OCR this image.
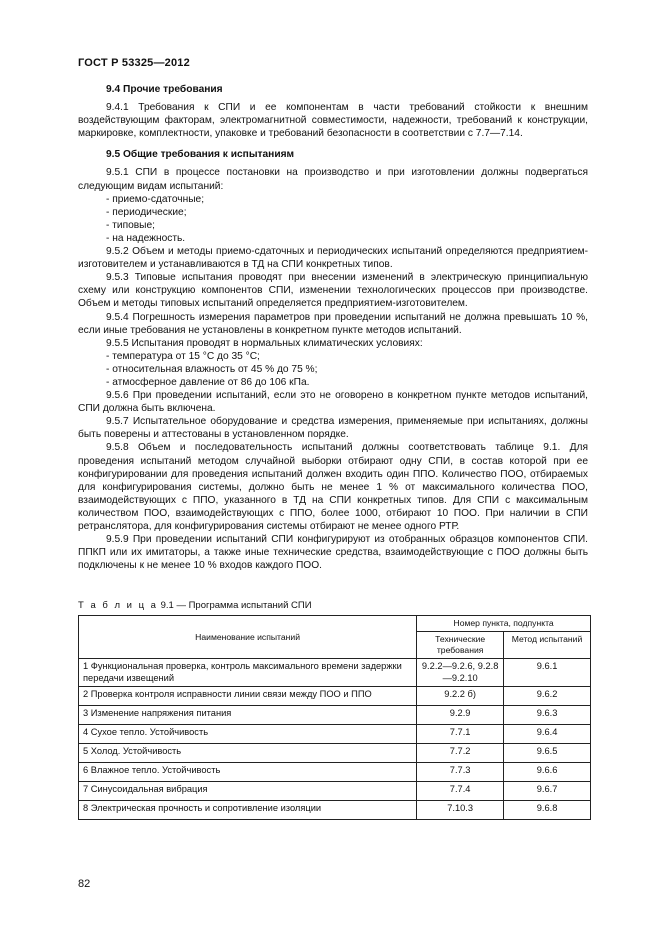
ГОСТ Р 53325—2012
9.4 Прочие требования

9.4.1 Требования к СПИ и ее компонентам в части требований стойкости к внешним воздействующим факторам, электромагнитной совместимости, надежности, требований к конструкции, маркировке, комплектности, упаковке и требований безопасности в соответствии с 7.7—7.14.

9.5 Общие требования к испытаниям

9.5.1 СПИ в процессе постановки на производство и при изготовлении должны подвергаться следующим видам испытаний:

- приемо-сдаточные;

- периодические;

- типовые;

- на надежность.

9.5.2 Объем и методы приемо-сдаточных и периодических испытаний определяются предприятием-изготовителем и устанавливаются в ТД на СПИ конкретных типов.

9.5.3 Типовые испытания проводят при внесении изменений в электрическую принципиальную схему или конструкцию компонентов СПИ, изменении технологических процессов при производстве. Объем и методы типовых испытаний определяется предприятием-изготовителем.

9.5.4 Погрешность измерения параметров при проведении испытаний не должна превышать 10 %, если иные требования не установлены в конкретном пункте методов испытаний.

9.5.5 Испытания проводят в нормальных климатических условиях:

- температура от 15 °С до 35 °С;

- относительная влажность от 45 % до 75 %;

- атмосферное давление от 86 до 106 кПа.

9.5.6 При проведении испытаний, если это не оговорено в конкретном пункте методов испытаний, СПИ должна быть включена.

9.5.7 Испытательное оборудование и средства измерения, применяемые при испытаниях, должны быть поверены и аттестованы в установленном порядке.

9.5.8 Объем и последовательность испытаний должны соответствовать таблице 9.1. Для проведения испытаний методом случайной выборки отбирают одну СПИ, в состав которой при ее конфигурировании для проведения испытаний должен входить один ППО. Количество ПОО, отбираемых для конфигурирования системы, должно быть не менее 1 % от максимального количества ПОО, взаимодействующих с ППО, указанного в ТД на СПИ конкретных типов. Для СПИ с максимальным количеством ПОО, взаимодействующих с ППО, более 1000, отбирают 10 ПОО. При наличии в СПИ ретранслятора, для конфигурирования системы отбирают не менее одного РТР.

9.5.9 При проведении испытаний СПИ конфигурируют из отобранных образцов компонентов СПИ. ППКП или их имитаторы, а также иные технические средства, взаимодействующие с ПОО должны быть подключены к не менее 10 % входов каждого ПОО.

Т а б л и ц а 9.1 — Программа испытаний СПИ
Наименование испытаний	Номер пункта, подпункта	
	Технические требования	Метод испытаний
1 Функциональная проверка, контроль максимального времени задержки передачи извещений	9.2.2—9.2.6, 9.2.8—9.2.10	9.6.1
2 Проверка контроля исправности линии связи между ПОО и ППО	9.2.2 б)	9.6.2
3 Изменение напряжения питания	9.2.9	9.6.3
4 Сухое тепло. Устойчивость	7.7.1	9.6.4
5 Холод. Устойчивость	7.7.2	9.6.5
6 Влажное тепло. Устойчивость	7.7.3	9.6.6
7 Синусоидальная вибрация	7.7.4	9.6.7
8 Электрическая прочность и сопротивление изоляции	7.10.3	9.6.8
82
